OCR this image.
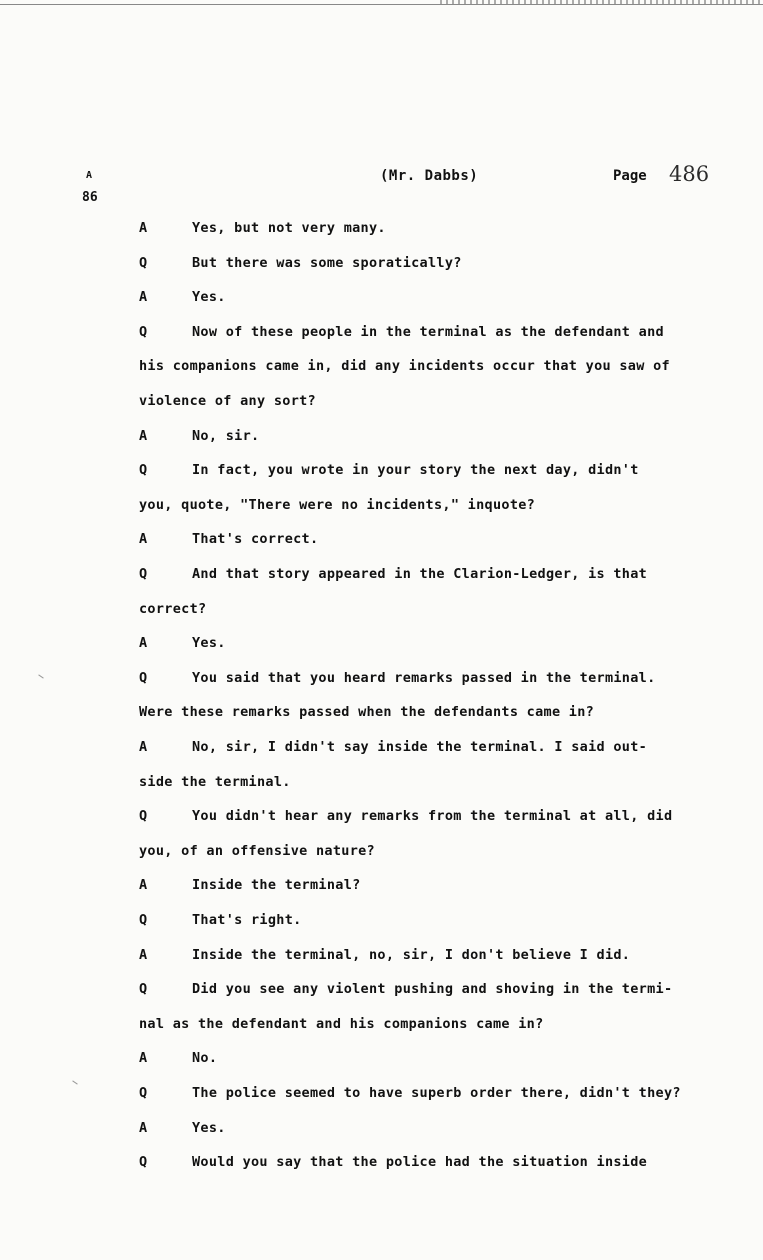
A
86
(Mr. Dabbs)	Page 486
A	Yes, but not very many.
Q	But there was some sporatically?
A	Yes.
Q	Now of these people in the terminal as the defendant and
his companions came in, did any incidents occur that you saw of
violence of any sort?
A	No, sir.
Q	In fact, you wrote in your story the next day, didn't
you, quote, "There were no incidents," inquote?
A	That's correct.
Q	And that story appeared in the Clarion-Ledger, is that
correct?
A	Yes.
Q	You said that you heard remarks passed in the terminal.
Were these remarks passed when the defendants came in?
A	No, sir, I didn't say inside the terminal. I said out-
side the terminal.
Q	You didn't hear any remarks from the terminal at all, did
you, of an offensive nature?
A	Inside the terminal?
Q	That's right.
A	Inside the terminal, no, sir, I don't believe I did.
Q	Did you see any violent pushing and shoving in the termi-
nal as the defendant and his companions came in?
A	No.
Q	The police seemed to have superb order there, didn't they?
A	Yes.
Q	Would you say that the police had the situation inside
